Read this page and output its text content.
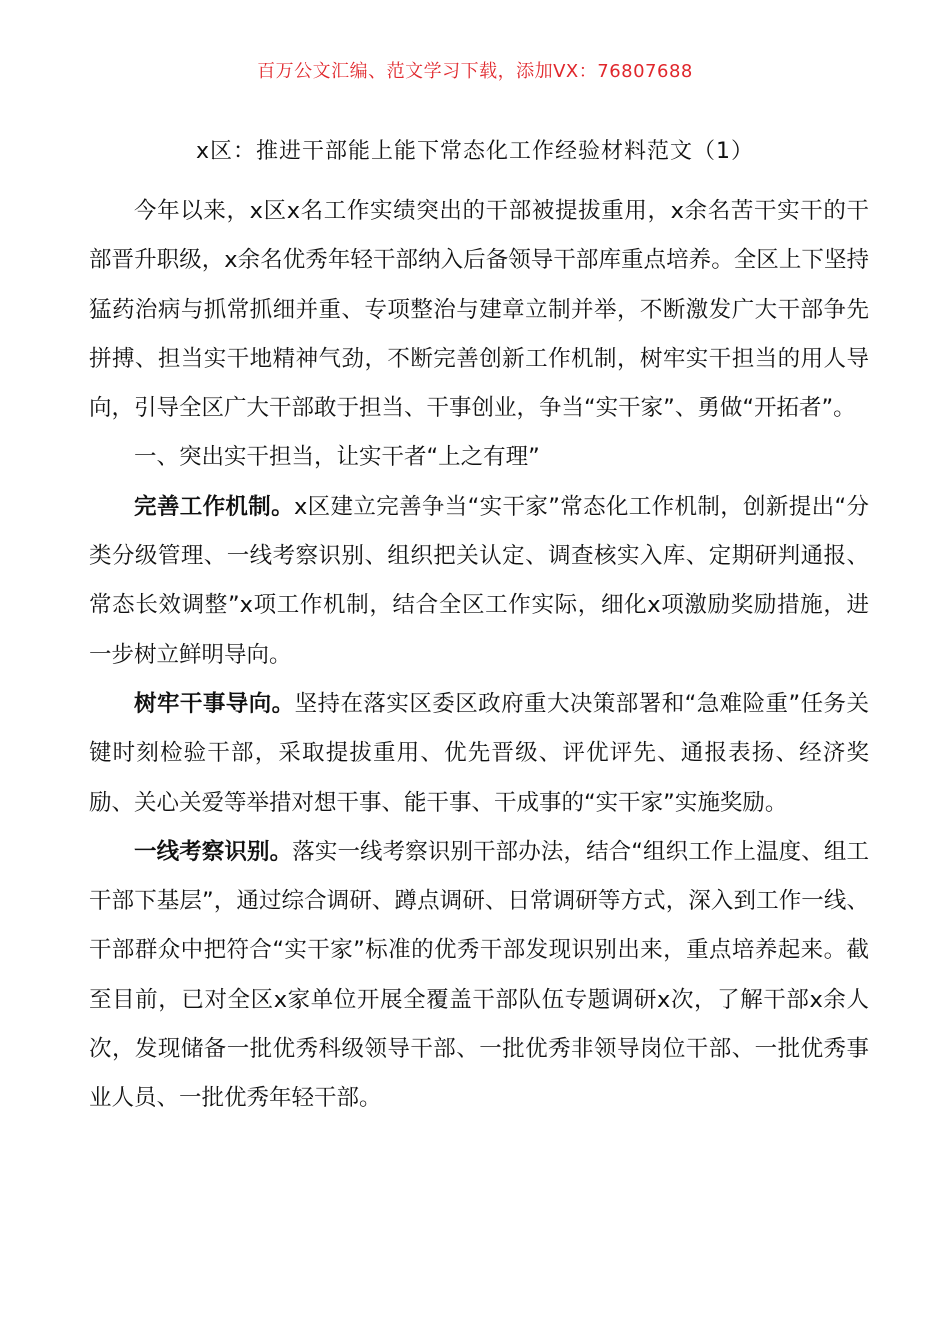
百万公文汇编、范文学习下载，添加VX：76807688
x区：推进干部能上能下常态化工作经验材料范文（1）

今年以来，x区x名工作实绩突出的干部被提拔重用，x余名苦干实干的干部晋升职级，x余名优秀年轻干部纳入后备领导干部库重点培养。全区上下坚持猛药治病与抓常抓细并重、专项整治与建章立制并举，不断激发广大干部争先拼搏、担当实干地精神气劲，不断完善创新工作机制，树牢实干担当的用人导向，引导全区广大干部敢于担当、干事创业，争当“实干家”、勇做“开拓者”。

一、突出实干担当，让实干者“上之有理”

完善工作机制。x区建立完善争当“实干家”常态化工作机制，创新提出“分类分级管理、一线考察识别、组织把关认定、调查核实入库、定期研判通报、常态长效调整”x项工作机制，结合全区工作实际，细化x项激励奖励措施，进一步树立鲜明导向。

树牢干事导向。坚持在落实区委区政府重大决策部署和“急难险重”任务关键时刻检验干部，采取提拔重用、优先晋级、评优评先、通报表扬、经济奖励、关心关爱等举措对想干事、能干事、干成事的“实干家”实施奖励。

一线考察识别。落实一线考察识别干部办法，结合“组织工作上温度、组工干部下基层”，通过综合调研、蹲点调研、日常调研等方式，深入到工作一线、干部群众中把符合“实干家”标准的优秀干部发现识别出来，重点培养起来。截至目前，已对全区x家单位开展全覆盖干部队伍专题调研x次，了解干部x余人次，发现储备一批优秀科级领导干部、一批优秀非领导岗位干部、一批优秀事业人员、一批优秀年轻干部。
